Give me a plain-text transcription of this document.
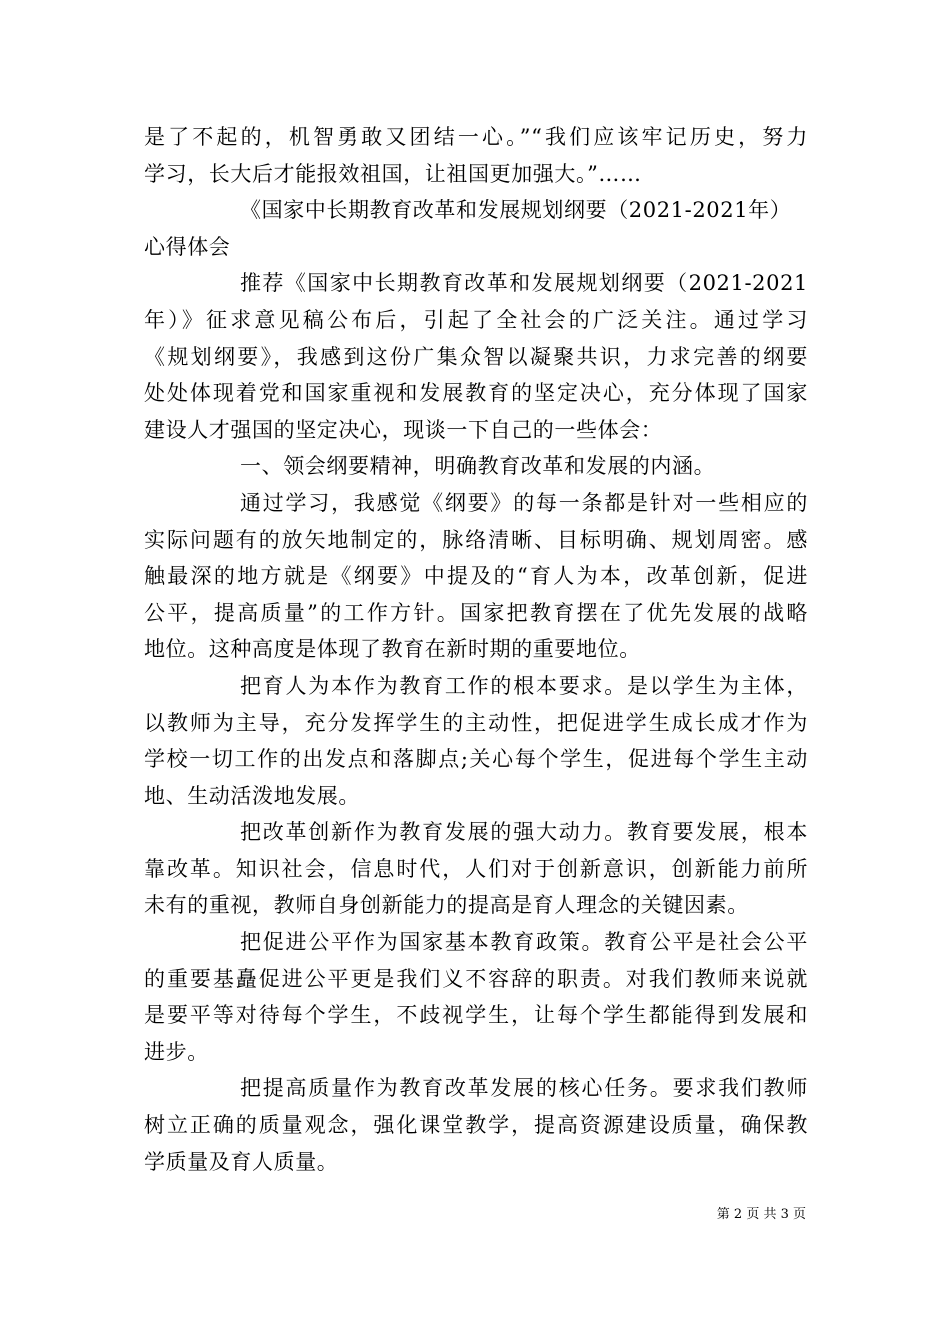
是了不起的，机智勇敢又团结一心。”“我们应该牢记历史，努力
学习，长大后才能报效祖国，让祖国更加强大。”……
《国家中长期教育改革和发展规划纲要（2021-2021年）
心得体会
推荐《国家中长期教育改革和发展规划纲要（2021-2021
年）》征求意见稿公布后，引起了全社会的广泛关注。通过学习
《规划纲要》，我感到这份广集众智以凝聚共识，力求完善的纲要
处处体现着党和国家重视和发展教育的坚定决心，充分体现了国家
建设人才强国的坚定决心，现谈一下自己的一些体会：
一、领会纲要精神，明确教育改革和发展的内涵。
通过学习，我感觉《纲要》的每一条都是针对一些相应的
实际问题有的放矢地制定的，脉络清晰、目标明确、规划周密。感
触最深的地方就是《纲要》中提及的“育人为本，改革创新，促进
公平，提高质量”的工作方针。国家把教育摆在了优先发展的战略
地位。这种高度是体现了教育在新时期的重要地位。
把育人为本作为教育工作的根本要求。是以学生为主体，
以教师为主导，充分发挥学生的主动性，把促进学生成长成才作为
学校一切工作的出发点和落脚点;关心每个学生，促进每个学生主动
地、生动活泼地发展。
把改革创新作为教育发展的强大动力。教育要发展，根本
靠改革。知识社会，信息时代，人们对于创新意识，创新能力前所
未有的重视，教师自身创新能力的提高是育人理念的关键因素。
把促进公平作为国家基本教育政策。教育公平是社会公平
的重要基矗促进公平更是我们义不容辞的职责。对我们教师来说就
是要平等对待每个学生，不歧视学生，让每个学生都能得到发展和
进步。
把提高质量作为教育改革发展的核心任务。要求我们教师
树立正确的质量观念，强化课堂教学，提高资源建设质量，确保教
学质量及育人质量。
第 2 页 共 3 页
